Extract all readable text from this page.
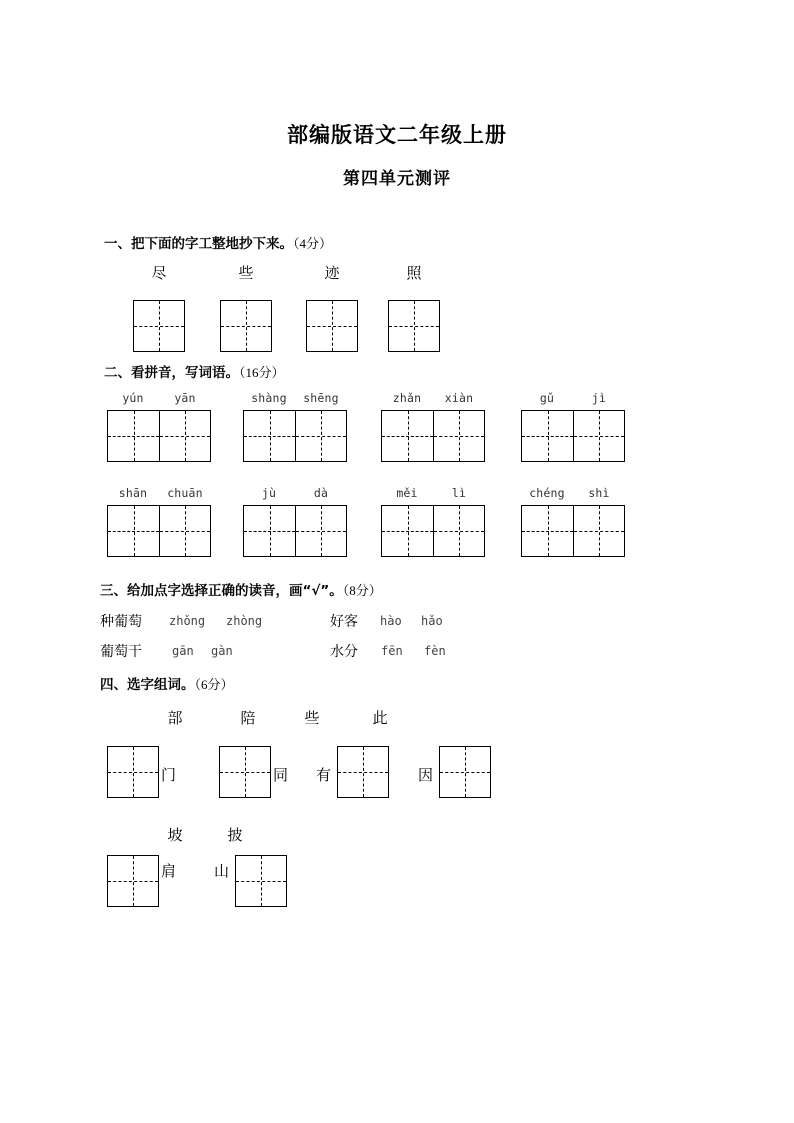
部编版语文二年级上册
第四单元测评
一、把下面的字工整地抄下来。（4分）
尽	些	迹	照
二、看拼音，写词语。（16分）
yún	yān	shàng	shēng	zhǎn	xiàn	gǔ	jì
shān	chuān	jù	dà	měi	lì	chéng	shì
三、给加点字选择正确的读音，画“√”。（8分）
种葡萄 zhǒng zhòng	好客 hào hǎo
葡萄干	gān gàn	水分 fēn fèn
四、选字组词。（6分）
部	陪	些	此
门	同 有	因
坡	披
肩	山
